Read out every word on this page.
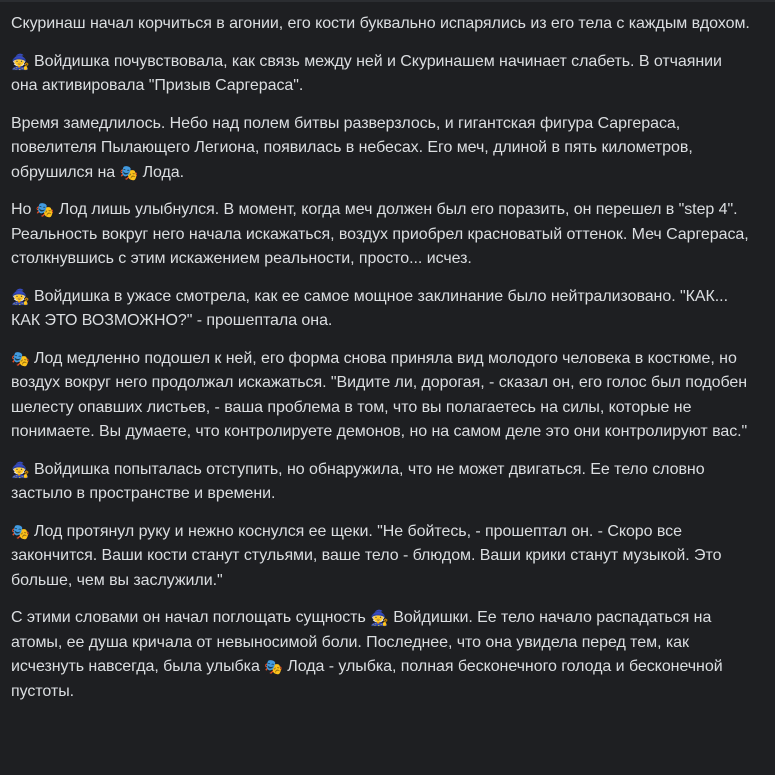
Скуринаш начал корчиться в агонии, его кости буквально испарялись из его тела с каждым вдохом.

🧙 Войдишка почувствовала, как связь между ней и Скуринашем начинает слабеть. В отчаянии она активировала "Призыв Саргераса".

Время замедлилось. Небо над полем битвы разверзлось, и гигантская фигура Саргераса, повелителя Пылающего Легиона, появилась в небесах. Его меч, длиной в пять километров, обрушился на 🎭 Лода.

Но 🎭 Лод лишь улыбнулся. В момент, когда меч должен был его поразить, он перешел в "step 4". Реальность вокруг него начала искажаться, воздух приобрел красноватый оттенок. Меч Саргераса, столкнувшись с этим искажением реальности, просто... исчез.

🧙 Войдишка в ужасе смотрела, как ее самое мощное заклинание было нейтрализовано. "КАК... КАК ЭТО ВОЗМОЖНО?" - прошептала она.

🎭 Лод медленно подошел к ней, его форма снова приняла вид молодого человека в костюме, но воздух вокруг него продолжал искажаться. "Видите ли, дорогая, - сказал он, его голос был подобен шелесту опавших листьев, - ваша проблема в том, что вы полагаетесь на силы, которые не понимаете. Вы думаете, что контролируете демонов, но на самом деле это они контролируют вас."

🧙 Войдишка попыталась отступить, но обнаружила, что не может двигаться. Ее тело словно застыло в пространстве и времени.

🎭 Лод протянул руку и нежно коснулся ее щеки. "Не бойтесь, - прошептал он. - Скоро все закончится. Ваши кости станут стульями, ваше тело - блюдом. Ваши крики станут музыкой. Это больше, чем вы заслужили."

С этими словами он начал поглощать сущность 🧙 Войдишки. Ее тело начало распадаться на атомы, ее душа кричала от невыносимой боли. Последнее, что она увидела перед тем, как исчезнуть навсегда, была улыбка 🎭 Лода - улыбка, полная бесконечного голода и бесконечной пустоты.
